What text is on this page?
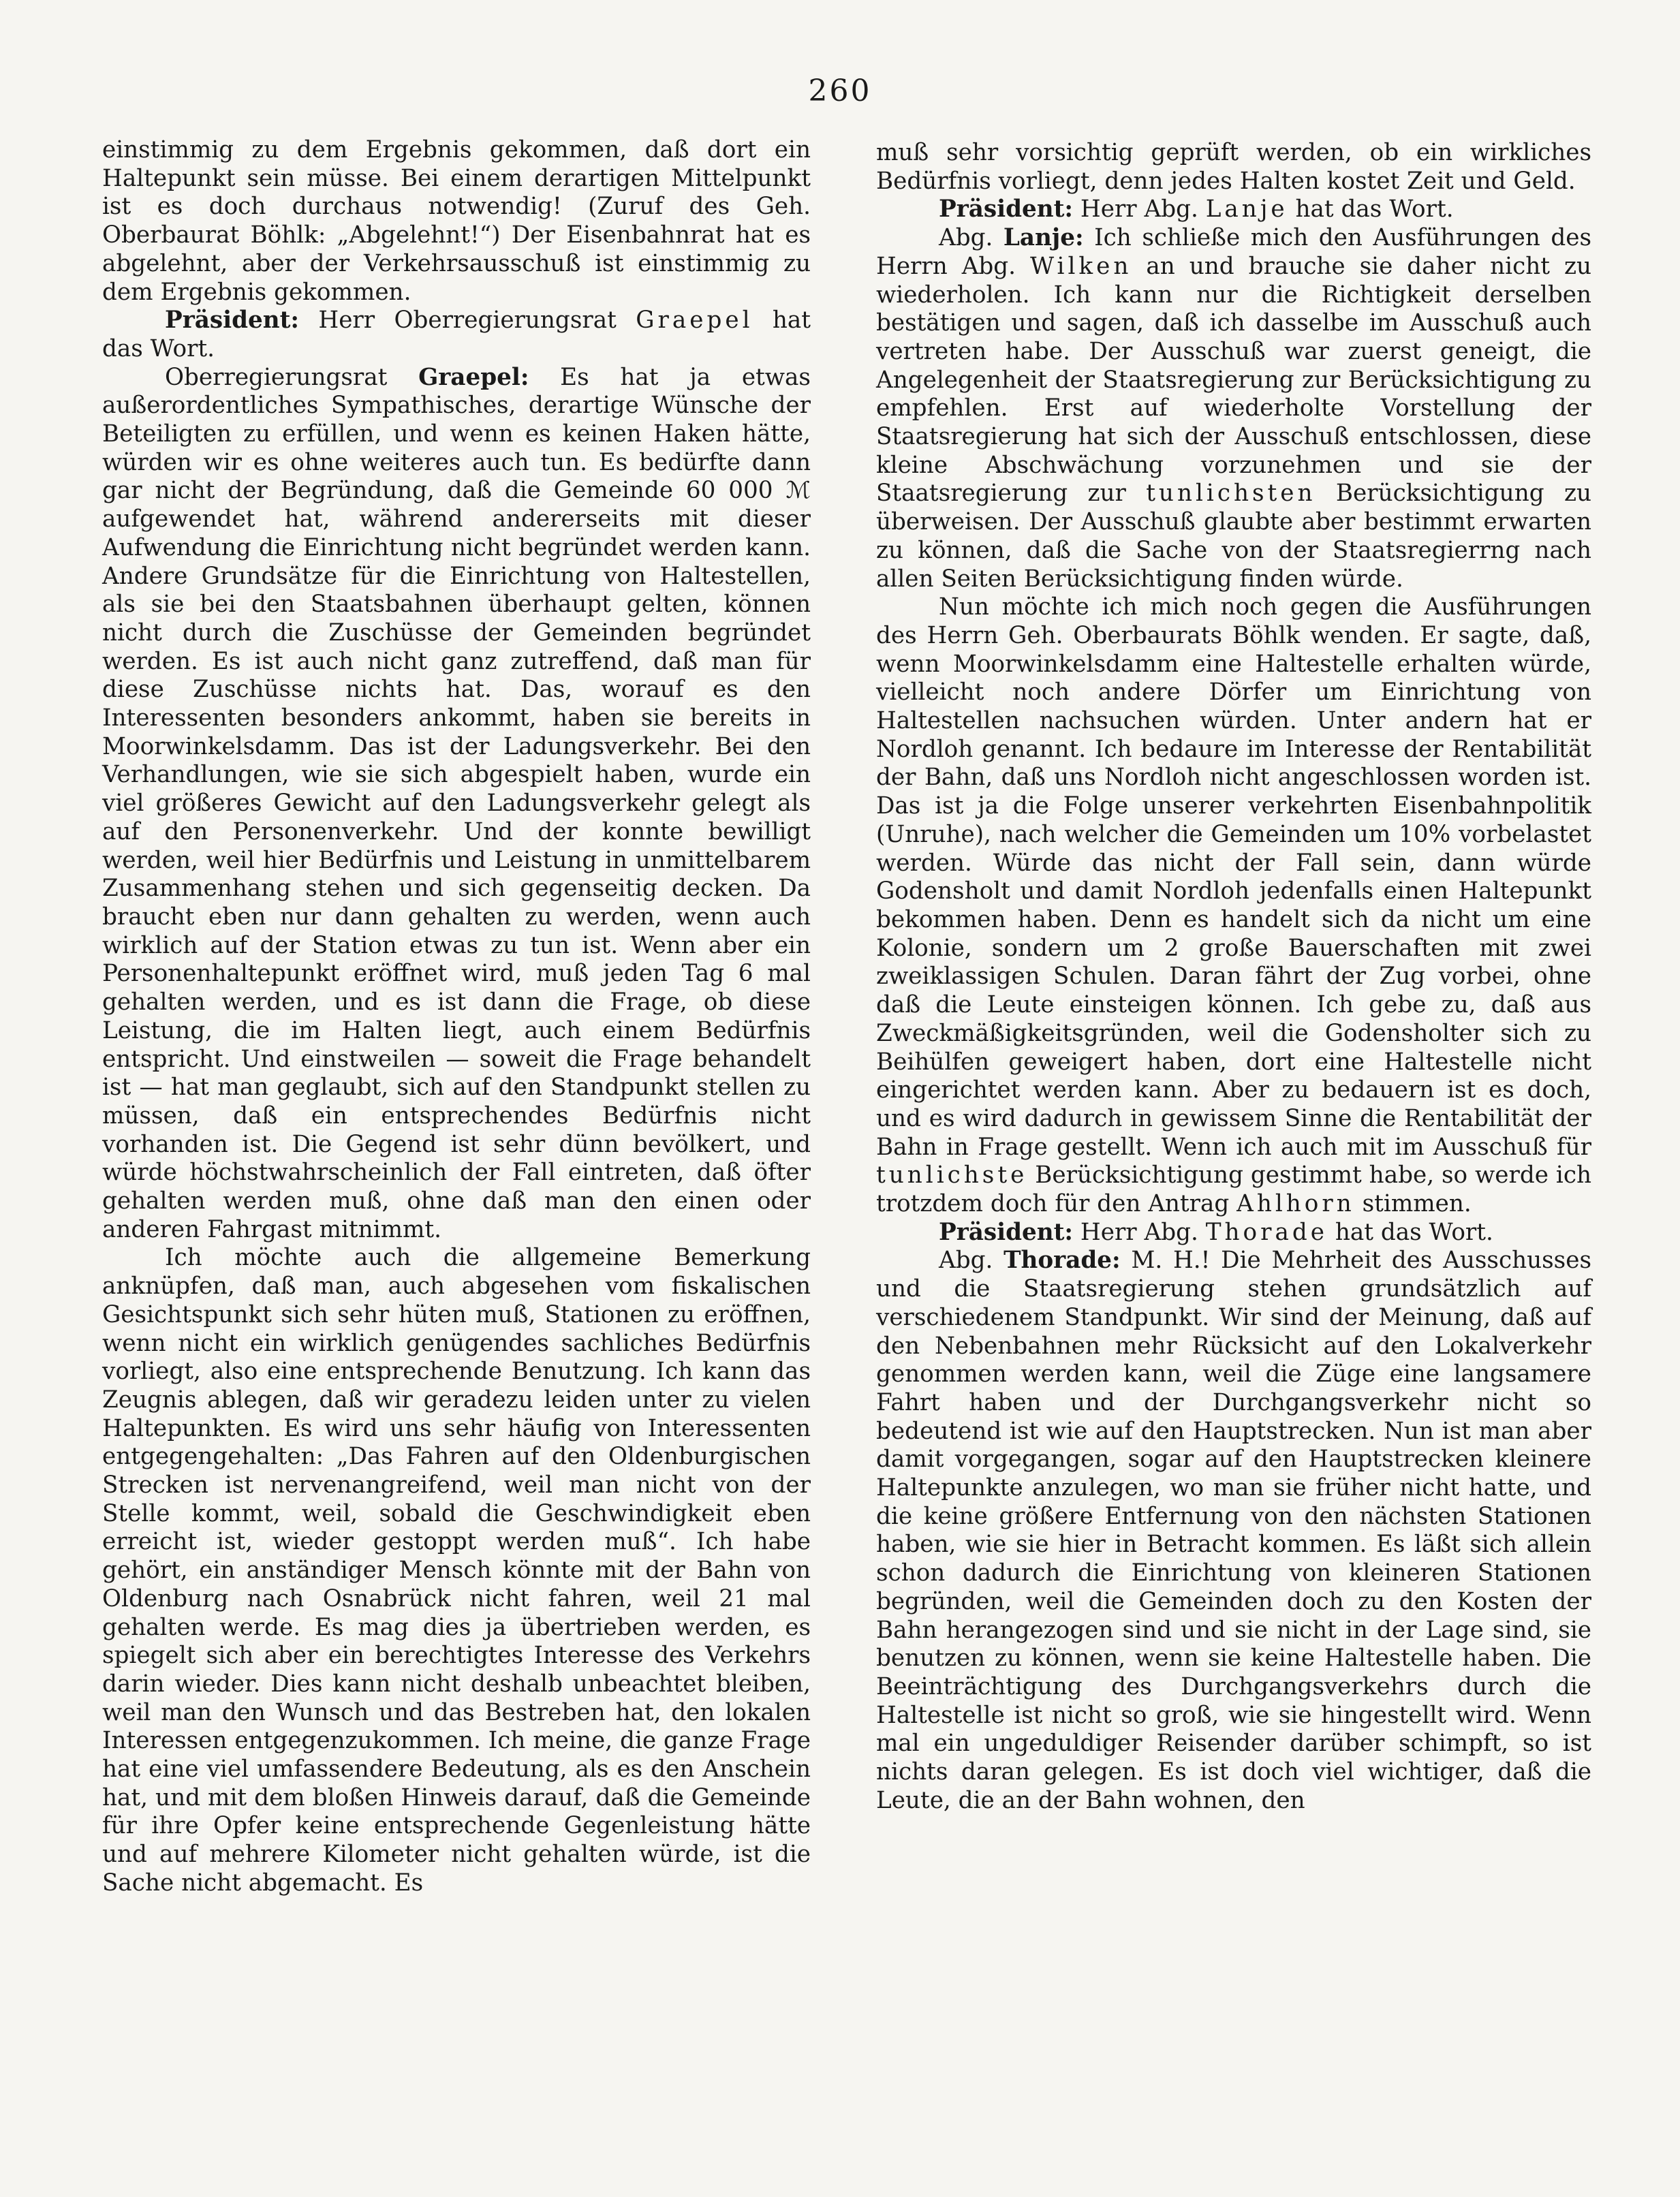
260

einstimmig zu dem Ergebnis gekommen, daß dort ein Haltepunkt sein müsse. Bei einem derartigen Mittelpunkt ist es doch durchaus notwendig! (Zuruf des Geh. Oberbaurat Böhlk: „Abgelehnt!“) Der Eisenbahnrat hat es abgelehnt, aber der Verkehrsausschuß ist einstimmig zu dem Ergebnis gekommen.

Präsident: Herr Oberregierungsrat Graepel hat das Wort.

Oberregierungsrat Graepel: Es hat ja etwas außerordentliches Sympathisches, derartige Wünsche der Beteiligten zu erfüllen, und wenn es keinen Haken hätte, würden wir es ohne weiteres auch tun. Es bedürfte dann gar nicht der Begründung, daß die Gemeinde 60 000 ℳ aufgewendet hat, während andererseits mit dieser Aufwendung die Einrichtung nicht begründet werden kann. Andere Grundsätze für die Einrichtung von Haltestellen, als sie bei den Staatsbahnen überhaupt gelten, können nicht durch die Zuschüsse der Gemeinden begründet werden. Es ist auch nicht ganz zutreffend, daß man für diese Zuschüsse nichts hat. Das, worauf es den Interessenten besonders ankommt, haben sie bereits in Moorwinkelsdamm. Das ist der Ladungsverkehr. Bei den Verhandlungen, wie sie sich abgespielt haben, wurde ein viel größeres Gewicht auf den Ladungsverkehr gelegt als auf den Personenverkehr. Und der konnte bewilligt werden, weil hier Bedürfnis und Leistung in unmittelbarem Zusammenhang stehen und sich gegenseitig decken. Da braucht eben nur dann gehalten zu werden, wenn auch wirklich auf der Station etwas zu tun ist. Wenn aber ein Personenhaltepunkt eröffnet wird, muß jeden Tag 6 mal gehalten werden, und es ist dann die Frage, ob diese Leistung, die im Halten liegt, auch einem Bedürfnis entspricht. Und einstweilen — soweit die Frage behandelt ist — hat man geglaubt, sich auf den Standpunkt stellen zu müssen, daß ein entsprechendes Bedürfnis nicht vorhanden ist. Die Gegend ist sehr dünn bevölkert, und würde höchstwahrscheinlich der Fall eintreten, daß öfter gehalten werden muß, ohne daß man den einen oder anderen Fahrgast mitnimmt.

Ich möchte auch die allgemeine Bemerkung anknüpfen, daß man, auch abgesehen vom fiskalischen Gesichtspunkt sich sehr hüten muß, Stationen zu eröffnen, wenn nicht ein wirklich genügendes sachliches Bedürfnis vorliegt, also eine entsprechende Benutzung. Ich kann das Zeugnis ablegen, daß wir geradezu leiden unter zu vielen Haltepunkten. Es wird uns sehr häufig von Interessenten entgegengehalten: „Das Fahren auf den Oldenburgischen Strecken ist nervenangreifend, weil man nicht von der Stelle kommt, weil, sobald die Geschwindigkeit eben erreicht ist, wieder gestoppt werden muß“. Ich habe gehört, ein anständiger Mensch könnte mit der Bahn von Oldenburg nach Osnabrück nicht fahren, weil 21 mal gehalten werde. Es mag dies ja übertrieben werden, es spiegelt sich aber ein berechtigtes Interesse des Verkehrs darin wieder. Dies kann nicht deshalb unbeachtet bleiben, weil man den Wunsch und das Bestreben hat, den lokalen Interessen entgegenzukommen. Ich meine, die ganze Frage hat eine viel umfassendere Bedeutung, als es den Anschein hat, und mit dem bloßen Hinweis darauf, daß die Gemeinde für ihre Opfer keine entsprechende Gegenleistung hätte und auf mehrere Kilometer nicht gehalten würde, ist die Sache nicht abgemacht. Es

muß sehr vorsichtig geprüft werden, ob ein wirkliches Bedürfnis vorliegt, denn jedes Halten kostet Zeit und Geld.

Präsident: Herr Abg. Lanje hat das Wort.

Abg. Lanje: Ich schließe mich den Ausführungen des Herrn Abg. Wilken an und brauche sie daher nicht zu wiederholen. Ich kann nur die Richtigkeit derselben bestätigen und sagen, daß ich dasselbe im Ausschuß auch vertreten habe. Der Ausschuß war zuerst geneigt, die Angelegenheit der Staatsregierung zur Berücksichtigung zu empfehlen. Erst auf wiederholte Vorstellung der Staatsregierung hat sich der Ausschuß entschlossen, diese kleine Abschwächung vorzunehmen und sie der Staatsregierung zur tunlichsten Berücksichtigung zu überweisen. Der Ausschuß glaubte aber bestimmt erwarten zu können, daß die Sache von der Staatsregierrng nach allen Seiten Berücksichtigung finden würde.

Nun möchte ich mich noch gegen die Ausführungen des Herrn Geh. Oberbaurats Böhlk wenden. Er sagte, daß, wenn Moorwinkelsdamm eine Haltestelle erhalten würde, vielleicht noch andere Dörfer um Einrichtung von Haltestellen nachsuchen würden. Unter andern hat er Nordloh genannt. Ich bedaure im Interesse der Rentabilität der Bahn, daß uns Nordloh nicht angeschlossen worden ist. Das ist ja die Folge unserer verkehrten Eisenbahnpolitik (Unruhe), nach welcher die Gemeinden um 10% vorbelastet werden. Würde das nicht der Fall sein, dann würde Godensholt und damit Nordloh jedenfalls einen Haltepunkt bekommen haben. Denn es handelt sich da nicht um eine Kolonie, sondern um 2 große Bauerschaften mit zwei zweiklassigen Schulen. Daran fährt der Zug vorbei, ohne daß die Leute einsteigen können. Ich gebe zu, daß aus Zweckmäßigkeitsgründen, weil die Godensholter sich zu Beihülfen geweigert haben, dort eine Haltestelle nicht eingerichtet werden kann. Aber zu bedauern ist es doch, und es wird dadurch in gewissem Sinne die Rentabilität der Bahn in Frage gestellt. Wenn ich auch mit im Ausschuß für tunlichste Berücksichtigung gestimmt habe, so werde ich trotzdem doch für den Antrag Ahlhorn stimmen.

Präsident: Herr Abg. Thorade hat das Wort.

Abg. Thorade: M. H.! Die Mehrheit des Ausschusses und die Staatsregierung stehen grundsätzlich auf verschiedenem Standpunkt. Wir sind der Meinung, daß auf den Nebenbahnen mehr Rücksicht auf den Lokalverkehr genommen werden kann, weil die Züge eine langsamere Fahrt haben und der Durchgangsverkehr nicht so bedeutend ist wie auf den Hauptstrecken. Nun ist man aber damit vorgegangen, sogar auf den Hauptstrecken kleinere Haltepunkte anzulegen, wo man sie früher nicht hatte, und die keine größere Entfernung von den nächsten Stationen haben, wie sie hier in Betracht kommen. Es läßt sich allein schon dadurch die Einrichtung von kleineren Stationen begründen, weil die Gemeinden doch zu den Kosten der Bahn herangezogen sind und sie nicht in der Lage sind, sie benutzen zu können, wenn sie keine Haltestelle haben. Die Beeinträchtigung des Durchgangsverkehrs durch die Haltestelle ist nicht so groß, wie sie hingestellt wird. Wenn mal ein ungeduldiger Reisender darüber schimpft, so ist nichts daran gelegen. Es ist doch viel wichtiger, daß die Leute, die an der Bahn wohnen, den
